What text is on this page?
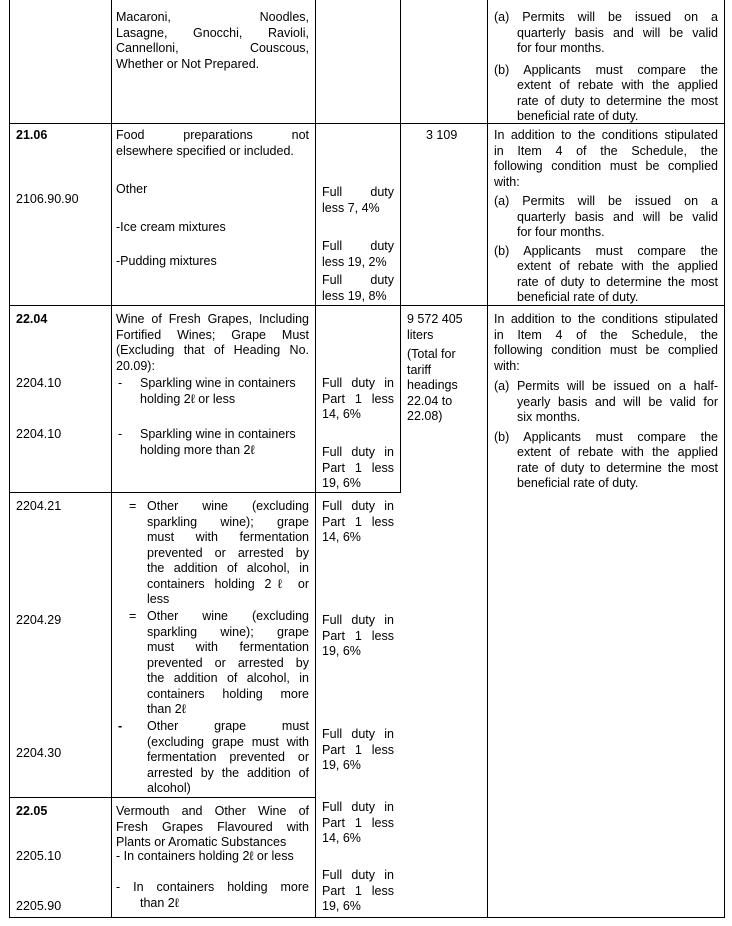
Macaroni, Noodles,
Lasagne, Gnocchi, Ravioli,
Cannelloni, Couscous,
Whether or Not Prepared.
(a) Permits will be issued on a
quarterly basis and will be valid
for four months.
(b) Applicants must compare the
extent of rebate with the applied
rate of duty to determine the most
beneficial rate of duty.
21.06
2106.90.90
Food preparations not
elsewhere specified or included.
Other
-Ice cream mixtures
-Pudding mixtures
Full duty
less 7, 4%
Full duty
less 19, 2%
Full duty
less 19, 8%
3 109	In addition to the conditions stipulated
in Item 4 of the Schedule, the
following condition must be complied
with:
(a) Permits will be issued on a
quarterly basis and will be valid
for four months.
(b) Applicants must compare the
extent of rebate with the applied
rate of duty to determine the most
beneficial rate of duty.
22.04
2204.10
2204.10
Wine of Fresh Grapes, Including
Fortified Wines; Grape Must
(Excluding that of Heading No.
20.09):
- Sparkling wine in containers
holding 2ℓ or less
- Sparkling wine in containers
holding more than 2ℓ
Full duty in
Part 1 less
14, 6%
Full duty in
Part 1 less
19, 6%
9 572 405
liters
(Total for
tariff
headings
22.04 to
22.08)
In addition to the conditions stipulated
in Item 4 of the Schedule, the
following condition must be complied
with:
(a) Permits will be issued on a half-
yearly basis and will be valid for
six months.
(b) Applicants must compare the
extent of rebate with the applied
rate of duty to determine the most
beneficial rate of duty.
2204.21
2204.29
2204.30
= Other wine (excluding
sparkling wine); grape
must with fermentation
prevented or arrested by
the addition of alcohol, in
containers holding 2ℓ or
less
= Other wine (excluding
sparkling wine); grape
must with fermentation
prevented or arrested by
the addition of alcohol, in
containers holding more
than 2ℓ
- Other grape must
(excluding grape must with
fermentation prevented or
arrested by the addition of
alcohol)
Full duty in
Part 1 less
14, 6%
Full duty in
Part 1 less
19, 6%
Full duty in
Part 1 less
19, 6%
22.05
2205.10
2205.90
Vermouth and Other Wine of
Fresh Grapes Flavoured with
Plants or Aromatic Substances
- In containers holding 2ℓ or less
- In containers holding more
than 2ℓ
Full duty in
Part 1 less
14, 6%
Full duty in
Part 1 less
19, 6%
